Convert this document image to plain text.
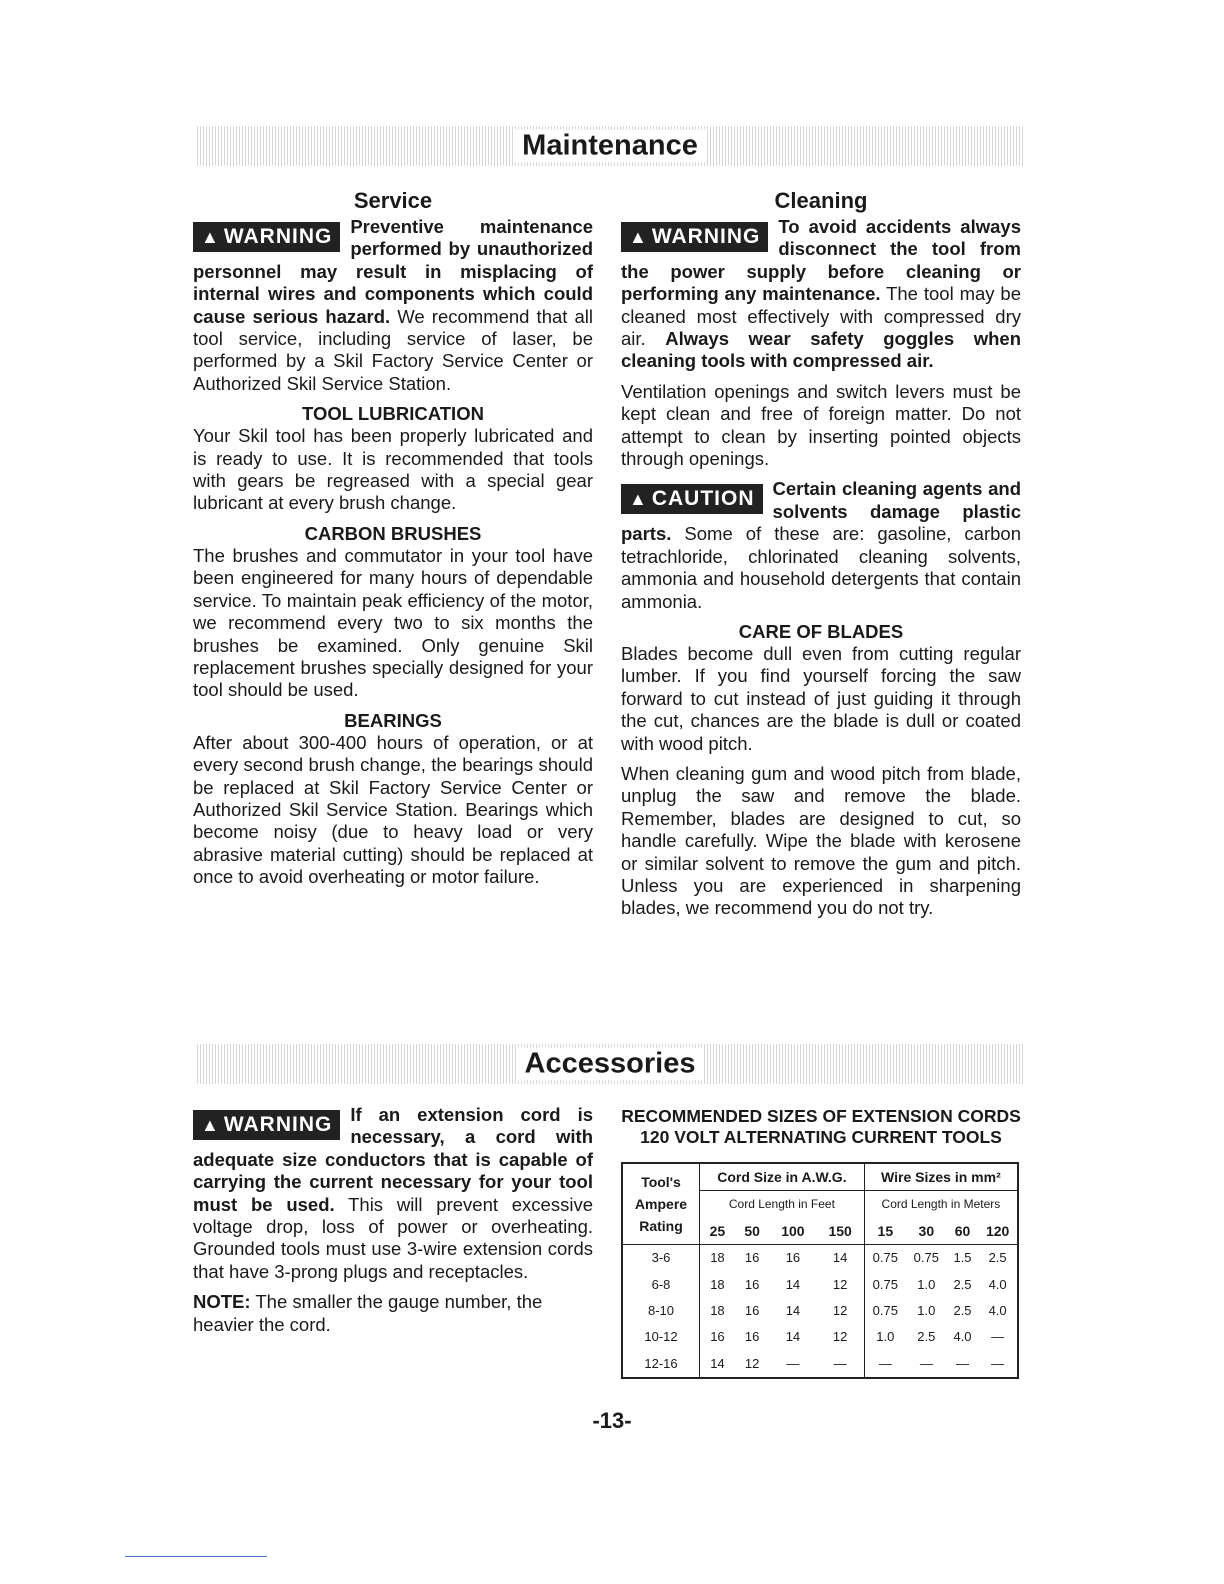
Maintenance
Service

▲ WARNING Preventive maintenance performed by unauthorized personnel may result in misplacing of internal wires and components which could cause serious hazard. We recommend that all tool service, including service of laser, be performed by a Skil Factory Service Center or Authorized Skil Service Station.

TOOL LUBRICATION

Your Skil tool has been properly lubricated and is ready to use. It is recommended that tools with gears be regreased with a special gear lubricant at every brush change.

CARBON BRUSHES

The brushes and commutator in your tool have been engineered for many hours of dependable service. To maintain peak efficiency of the motor, we recommend every two to six months the brushes be examined. Only genuine Skil replacement brushes specially designed for your tool should be used.

BEARINGS

After about 300-400 hours of operation, or at every second brush change, the bearings should be replaced at Skil Factory Service Center or Authorized Skil Service Station. Bearings which become noisy (due to heavy load or very abrasive material cutting) should be replaced at once to avoid overheating or motor failure.

Cleaning

▲ WARNING To avoid accidents always disconnect the tool from the power supply before cleaning or performing any maintenance. The tool may be cleaned most effectively with compressed dry air. Always wear safety goggles when cleaning tools with compressed air.

Ventilation openings and switch levers must be kept clean and free of foreign matter. Do not attempt to clean by inserting pointed objects through openings.

▲ CAUTION Certain cleaning agents and solvents damage plastic parts. Some of these are: gasoline, carbon tetrachloride, chlorinated cleaning solvents, ammonia and household detergents that contain ammonia.

CARE OF BLADES

Blades become dull even from cutting regular lumber. If you find yourself forcing the saw forward to cut instead of just guiding it through the cut, chances are the blade is dull or coated with wood pitch.

When cleaning gum and wood pitch from blade, unplug the saw and remove the blade. Remember, blades are designed to cut, so handle carefully. Wipe the blade with kerosene or similar solvent to remove the gum and pitch. Unless you are experienced in sharpening blades, we recommend you do not try.

Accessories

▲ WARNING If an extension cord is necessary, a cord with adequate size conductors that is capable of carrying the current necessary for your tool must be used. This will prevent excessive voltage drop, loss of power or overheating. Grounded tools must use 3-wire extension cords that have 3-prong plugs and receptacles.

NOTE: The smaller the gauge number, the heavier the cord.

RECOMMENDED SIZES OF EXTENSION CORDS
120 VOLT ALTERNATING CURRENT TOOLS
Tool's Ampere Rating	Cord Size in A.W.G.				Wire Sizes in mm²			
	Cord Length in Feet				Cord Length in Meters			
	25	50	100	150	15	30	60	120
3-6	18	16	16	14	0.75	0.75	1.5	2.5
6-8	18	16	14	12	0.75	1.0	2.5	4.0
8-10	18	16	14	12	0.75	1.0	2.5	4.0
10-12	16	16	14	12	1.0	2.5	4.0	—
12-16	14	12	—	—	—	—	—	—
-13-
